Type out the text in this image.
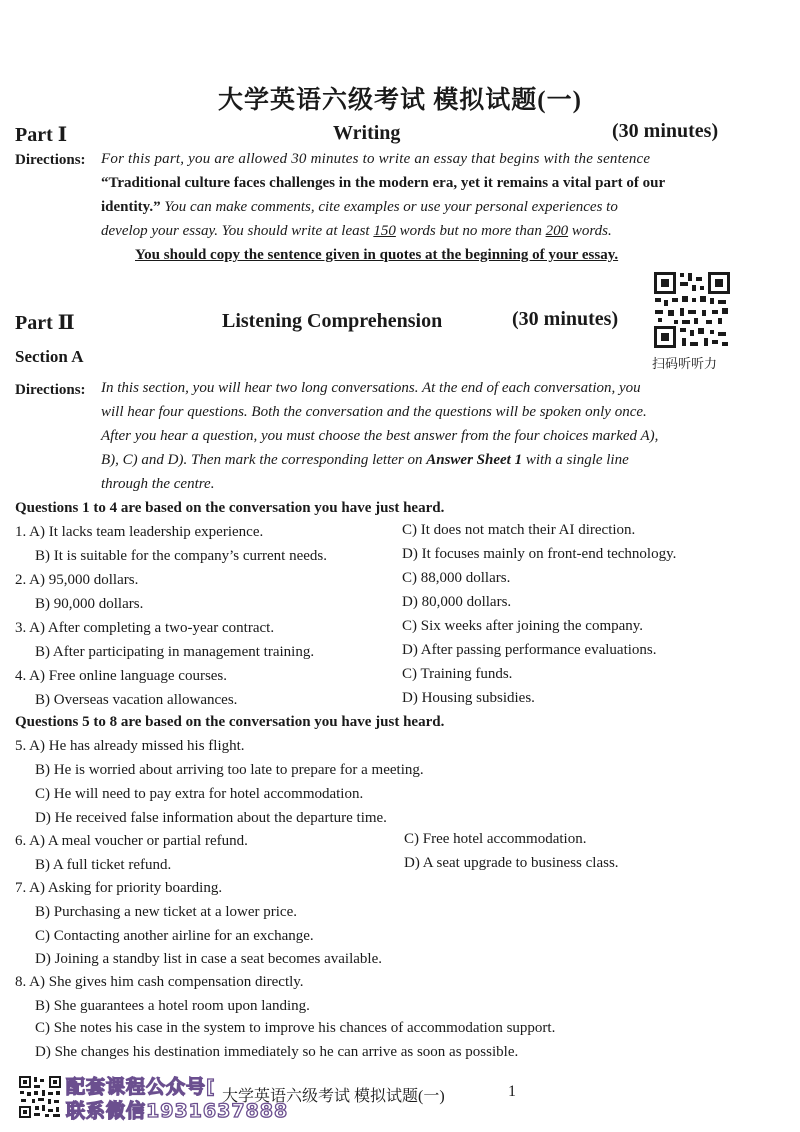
大学英语六级考试 模拟试题(一)
Part Ⅰ	Writing	(30 minutes)
Directions: For this part, you are allowed 30 minutes to write an essay that begins with the sentence
“Traditional culture faces challenges in the modern era, yet it remains a vital part of our
identity.” You can make comments, cite examples or use your personal experiences to
develop your essay. You should write at least 150 words but no more than 200 words.
You should copy the sentence given in quotes at the beginning of your essay.
扫码听听力
Part Ⅱ	Listening Comprehension	(30 minutes)
Section A
Directions: In this section, you will hear two long conversations. At the end of each conversation, you
will hear four questions. Both the conversation and the questions will be spoken only once.
After you hear a question, you must choose the best answer from the four choices marked A),
B), C) and D). Then mark the corresponding letter on Answer Sheet 1 with a single line
through the centre.
Questions 1 to 4 are based on the conversation you have just heard.
1. A) It lacks team leadership experience.	C) It does not match their AI direction.
B) It is suitable for the company’s current needs.	D) It focuses mainly on front-end technology.
2. A) 95,000 dollars.	C) 88,000 dollars.
B) 90,000 dollars.	D) 80,000 dollars.
3. A) After completing a two-year contract.	C) Six weeks after joining the company.
B) After participating in management training.	D) After passing performance evaluations.
4. A) Free online language courses.	C) Training funds.
B) Overseas vacation allowances.	D) Housing subsidies.
Questions 5 to 8 are based on the conversation you have just heard.
5. A) He has already missed his flight.
B) He is worried about arriving too late to prepare for a meeting.
C) He will need to pay extra for hotel accommodation.
D) He received false information about the departure time.
6. A) A meal voucher or partial refund.	C) Free hotel accommodation.
B) A full ticket refund.	D) A seat upgrade to business class.
7. A) Asking for priority boarding.
B) Purchasing a new ticket at a lower price.
C) Contacting another airline for an exchange.
D) Joining a standby list in case a seat becomes available.
8. A) She gives him cash compensation directly.
B) She guarantees a hotel room upon landing.
C) She notes his case in the system to improve his chances of accommodation support.
D) She changes his destination immediately so he can arrive as soon as possible.
配套课程公众号[
联系微信1931637888
大学英语六级考试 模拟试题(一)	1
